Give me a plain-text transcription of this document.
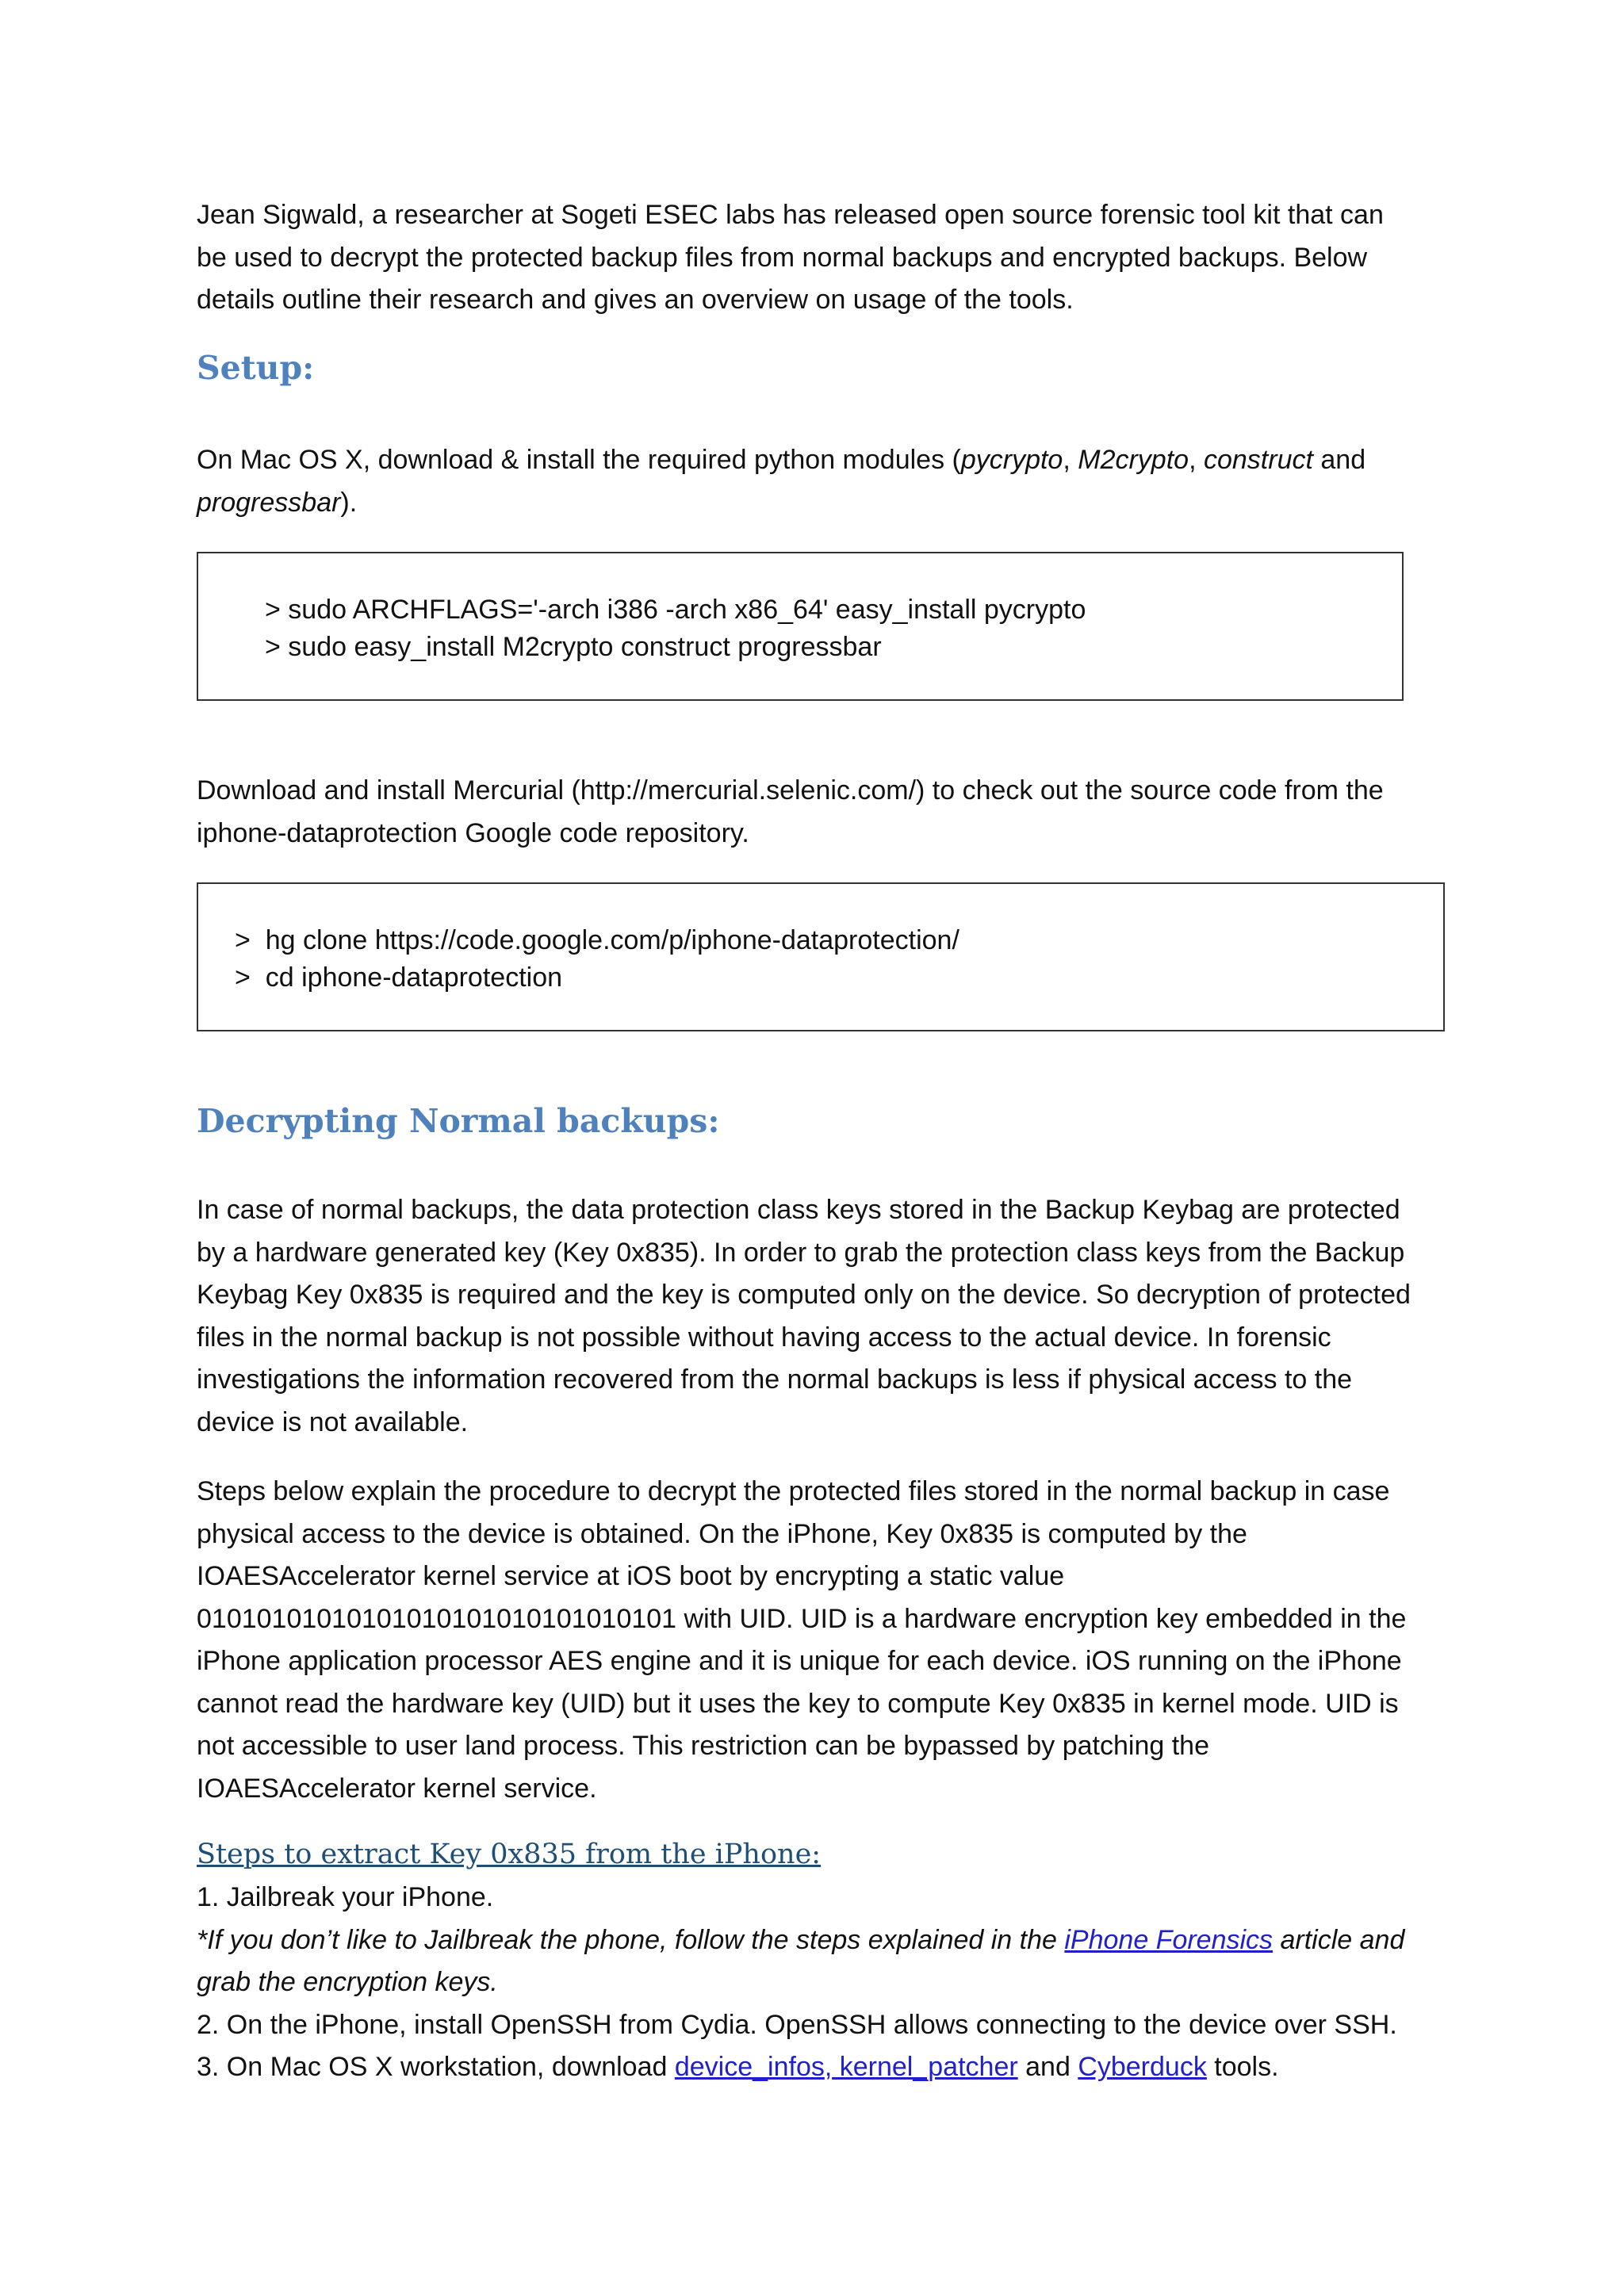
Jean Sigwald, a researcher at Sogeti ESEC labs has released open source forensic tool kit that can
be used to decrypt the protected backup files from normal backups and encrypted backups. Below
details outline their research and gives an overview on usage of the tools.
Setup:
On Mac OS X, download & install the required python modules (pycrypto, M2crypto, construct and
progressbar).
> sudo ARCHFLAGS='-arch i386 -arch x86_64' easy_install pycrypto
> sudo easy_install M2crypto construct progressbar
Download and install Mercurial (http://mercurial.selenic.com/) to check out the source code from the
iphone-dataprotection Google code repository.
>  hg clone https://code.google.com/p/iphone-dataprotection/
>  cd iphone-dataprotection
Decrypting Normal backups:
In case of normal backups, the data protection class keys stored in the Backup Keybag are protected
by a hardware generated key (Key 0x835). In order to grab the protection class keys from the Backup
Keybag Key 0x835 is required and the key is computed only on the device. So decryption of protected
files in the normal backup is not possible without having access to the actual device. In forensic
investigations the information recovered from the normal backups is less if physical access to the
device is not available.
Steps below explain the procedure to decrypt the protected files stored in the normal backup in case
physical access to the device is obtained. On the iPhone, Key 0x835 is computed by the
IOAESAccelerator kernel service at iOS boot by encrypting a static value
01010101010101010101010101010101 with UID. UID is a hardware encryption key embedded in the
iPhone application processor AES engine and it is unique for each device. iOS running on the iPhone
cannot read the hardware key (UID) but it uses the key to compute Key 0x835 in kernel mode. UID is
not accessible to user land process. This restriction can be bypassed by patching the
IOAESAccelerator kernel service.
Steps to extract Key 0x835 from the iPhone:
1. Jailbreak your iPhone.
*If you don’t like to Jailbreak the phone, follow the steps explained in the iPhone Forensics article and
grab the encryption keys.
2. On the iPhone, install OpenSSH from Cydia. OpenSSH allows connecting to the device over SSH.
3. On Mac OS X workstation, download device_infos, kernel_patcher and Cyberduck tools.
